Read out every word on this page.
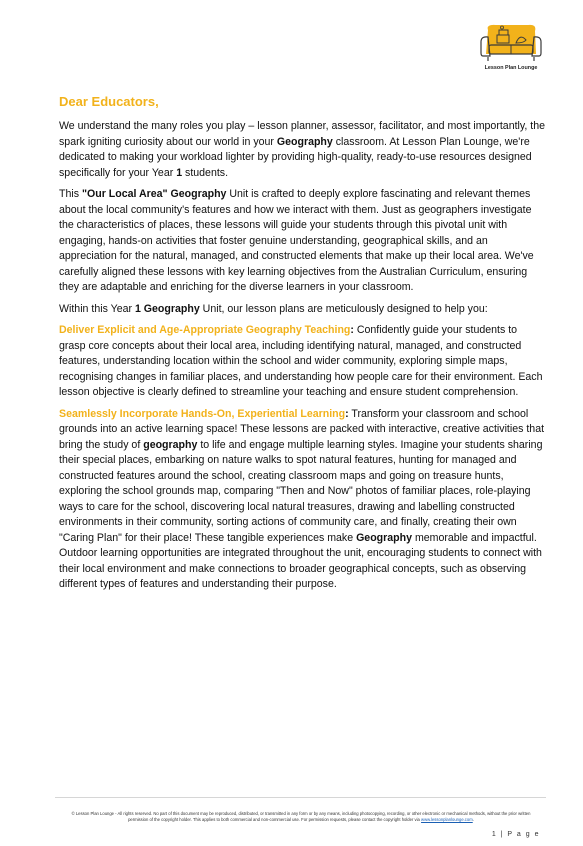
Lesson Plan Lounge
Dear Educators,

We understand the many roles you play – lesson planner, assessor, facilitator, and most importantly, the spark igniting curiosity about our world in your Geography classroom. At Lesson Plan Lounge, we're dedicated to making your workload lighter by providing high-quality, ready-to-use resources designed specifically for your Year 1 students.

This "Our Local Area" Geography Unit is crafted to deeply explore fascinating and relevant themes about the local community's features and how we interact with them. Just as geographers investigate the characteristics of places, these lessons will guide your students through this pivotal unit with engaging, hands-on activities that foster genuine understanding, geographical skills, and an appreciation for the natural, managed, and constructed elements that make up their local area. We've carefully aligned these lessons with key learning objectives from the Australian Curriculum, ensuring they are adaptable and enriching for the diverse learners in your classroom.

Within this Year 1 Geography Unit, our lesson plans are meticulously designed to help you:

Deliver Explicit and Age-Appropriate Geography Teaching: Confidently guide your students to grasp core concepts about their local area, including identifying natural, managed, and constructed features, understanding location within the school and wider community, exploring simple maps, recognising changes in familiar places, and understanding how people care for their environment. Each lesson objective is clearly defined to streamline your teaching and ensure student comprehension.

Seamlessly Incorporate Hands-On, Experiential Learning: Transform your classroom and school grounds into an active learning space! These lessons are packed with interactive, creative activities that bring the study of geography to life and engage multiple learning styles. Imagine your students sharing their special places, embarking on nature walks to spot natural features, hunting for managed and constructed features around the school, creating classroom maps and going on treasure hunts, exploring the school grounds map, comparing "Then and Now" photos of familiar places, role-playing ways to care for the school, discovering local natural treasures, drawing and labelling constructed environments in their community, sorting actions of community care, and finally, creating their own "Caring Plan" for their place! These tangible experiences make Geography memorable and impactful. Outdoor learning opportunities are integrated throughout the unit, encouraging students to connect with their local environment and make connections to broader geographical concepts, such as observing different types of features and understanding their purpose.

© Lesson Plan Lounge - All rights reserved. No part of this document may be reproduced, distributed, or transmitted in any form or by any means, including photocopying, recording, or other electronic or mechanical methods, without the prior written permission of the copyright holder. This applies to both commercial and non-commercial use. For permission requests, please contact the copyright holder via www.lessonplanlounge.com.
1 | P a g e
